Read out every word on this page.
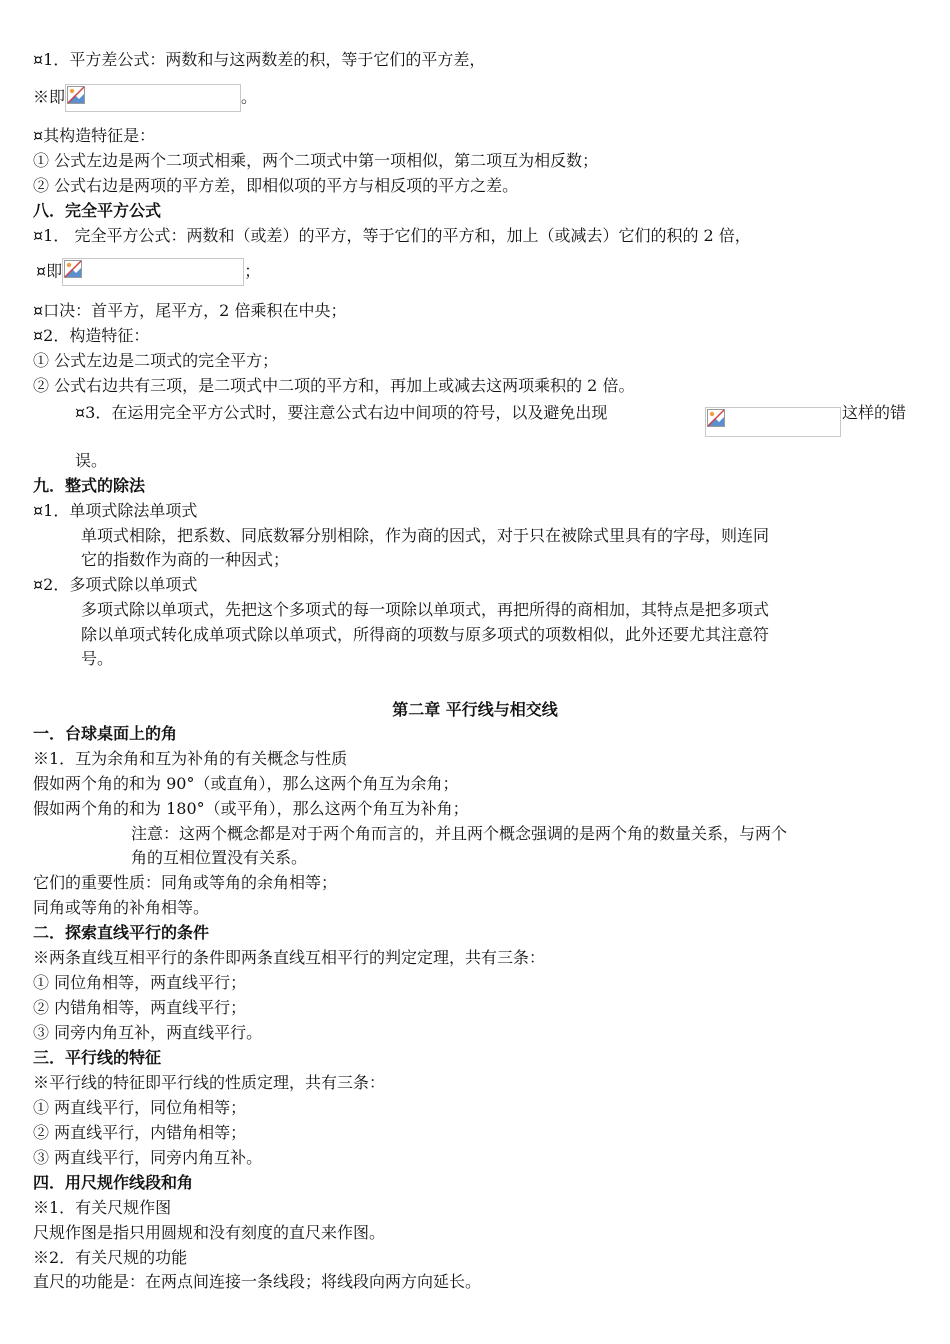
¤1．平方差公式：两数和与这两数差的积，等于它们的平方差，
※即	。
¤其构造特征是：
① 公式左边是两个二项式相乘，两个二项式中第一项相似，第二项互为相反数；
② 公式右边是两项的平方差，即相似项的平方与相反项的平方之差。
八．完全平方公式
¤1． 完全平方公式：两数和（或差）的平方，等于它们的平方和，加上（或减去）它们的积的 2 倍，
¤即	；
¤口决：首平方，尾平方，2 倍乘积在中央；
¤2．构造特征：
① 公式左边是二项式的完全平方；
② 公式右边共有三项，是二项式中二项的平方和，再加上或减去这两项乘积的 2 倍。
¤3．在运用完全平方公式时，要注意公式右边中间项的符号，以及避免出现	这样的错
误。
九．整式的除法
¤1．单项式除法单项式
单项式相除，把系数、同底数幂分别相除，作为商的因式，对于只在被除式里具有的字母，则连同
它的指数作为商的一种因式；
¤2．多项式除以单项式
多项式除以单项式，先把这个多项式的每一项除以单项式，再把所得的商相加，其特点是把多项式
除以单项式转化成单项式除以单项式，所得商的项数与原多项式的项数相似，此外还要尤其注意符
号。
第二章 平行线与相交线
一．台球桌面上的角
※1．互为余角和互为补角的有关概念与性质
假如两个角的和为 90°（或直角），那么这两个角互为余角；
假如两个角的和为 180°（或平角），那么这两个角互为补角；
注意：这两个概念都是对于两个角而言的，并且两个概念强调的是两个角的数量关系，与两个
角的互相位置没有关系。
它们的重要性质：同角或等角的余角相等；
同角或等角的补角相等。
二．探索直线平行的条件
※两条直线互相平行的条件即两条直线互相平行的判定定理，共有三条：
① 同位角相等，两直线平行；
② 内错角相等，两直线平行；
③ 同旁内角互补，两直线平行。
三．平行线的特征
※平行线的特征即平行线的性质定理，共有三条：
① 两直线平行，同位角相等；
② 两直线平行，内错角相等；
③ 两直线平行，同旁内角互补。
四．用尺规作线段和角
※1．有关尺规作图
尺规作图是指只用圆规和没有刻度的直尺来作图。
※2．有关尺规的功能
直尺的功能是：在两点间连接一条线段；将线段向两方向延长。
